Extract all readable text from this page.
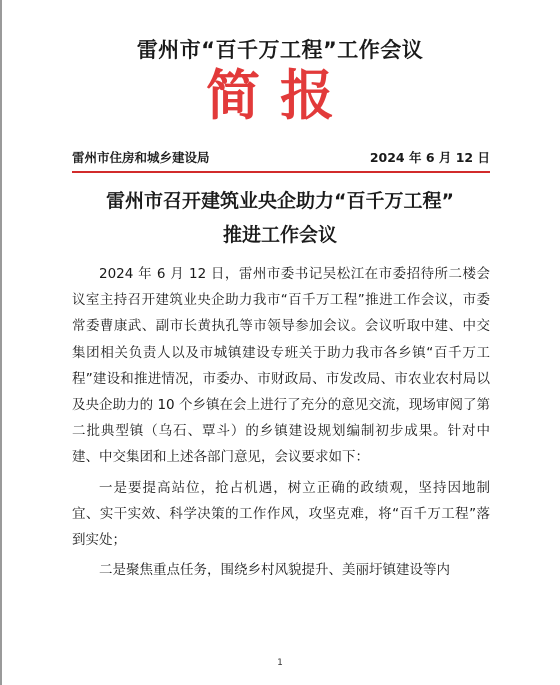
雷州市“百千万工程”工作会议
简报
雷州市住房和城乡建设局	2024 年 6 月 12 日
雷州市召开建筑业央企助力“百千万工程”
推进工作会议

2024 年 6 月 12 日，雷州市委书记吴松江在市委招待所二楼会议室主持召开建筑业央企助力我市“百千万工程”推进工作会议，市委常委曹康武、副市长黄执孔等市领导参加会议。会议听取中建、中交集团相关负责人以及市城镇建设专班关于助力我市各乡镇“百千万工程”建设和推进情况，市委办、市财政局、市发改局、市农业农村局以及央企助力的 10 个乡镇在会上进行了充分的意见交流，现场审阅了第二批典型镇（乌石、覃斗）的乡镇建设规划编制初步成果。针对中建、中交集团和上述各部门意见，会议要求如下：

一是要提高站位，抢占机遇，树立正确的政绩观，坚持因地制宜、实干实效、科学决策的工作作风，攻坚克难，将“百千万工程”落到实处；

二是聚焦重点任务，围绕乡村风貌提升、美丽圩镇建设等内

1
